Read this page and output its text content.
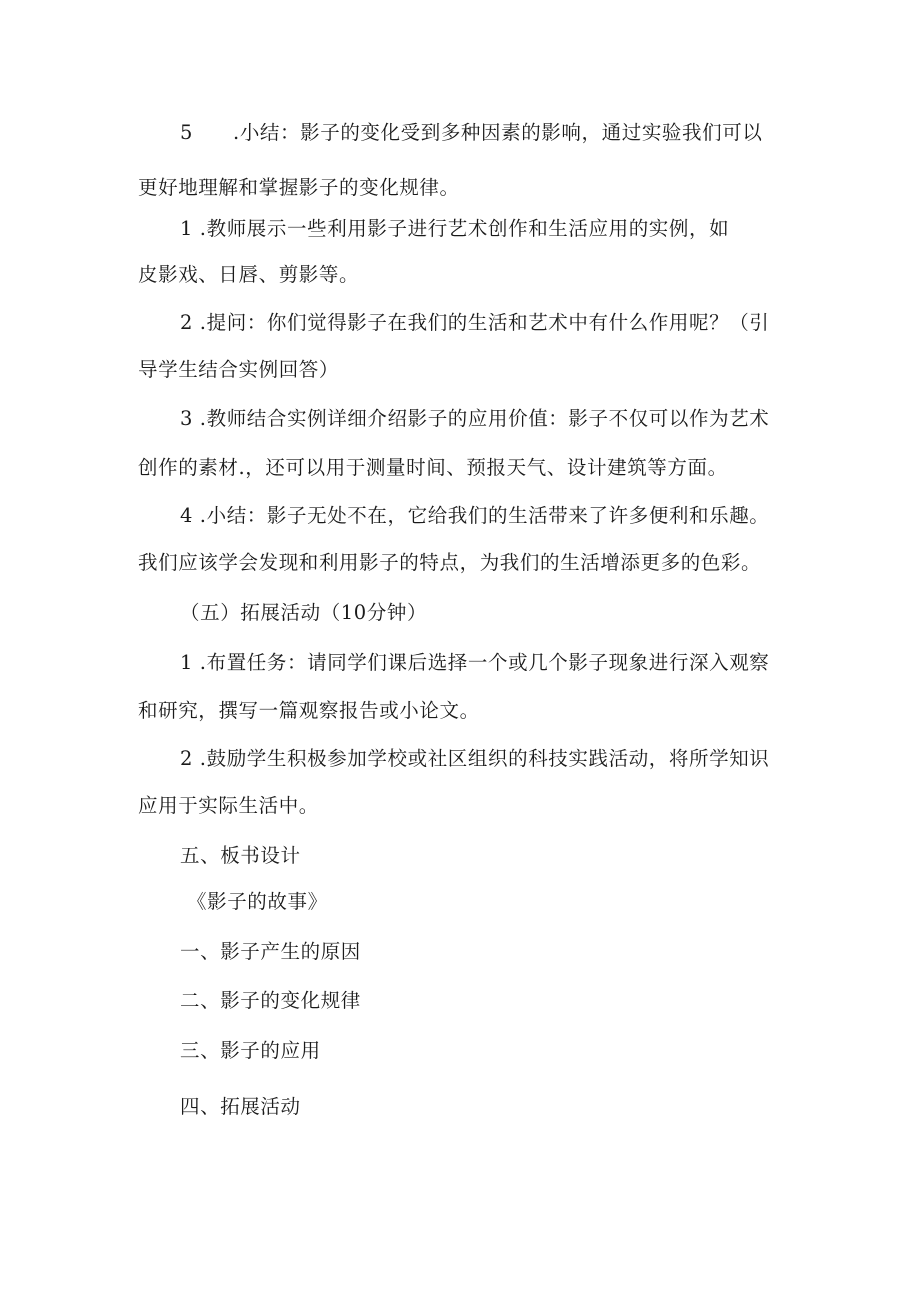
5 .小结：影子的变化受到多种因素的影响，通过实验我们可以
更好地理解和掌握影子的变化规律。
1 .教师展示一些利用影子进行艺术创作和生活应用的实例，如
皮影戏、日唇、剪影等。
2 .提问：你们觉得影子在我们的生活和艺术中有什么作用呢？（引
导学生结合实例回答）
3 .教师结合实例详细介绍影子的应用价值：影子不仅可以作为艺术
创作的素材.，还可以用于测量时间、预报天气、设计建筑等方面。
4 .小结：影子无处不在，它给我们的生活带来了许多便利和乐趣。
我们应该学会发现和利用影子的特点，为我们的生活增添更多的色彩。
（五）拓展活动（10分钟）
1 .布置任务：请同学们课后选择一个或几个影子现象进行深入观察
和研究，撰写一篇观察报告或小论文。
2 .鼓励学生积极参加学校或社区组织的科技实践活动，将所学知识
应用于实际生活中。
五、板书设计
《影子的故事》
一、影子产生的原因
二、影子的变化规律
三、影子的应用
四、拓展活动
